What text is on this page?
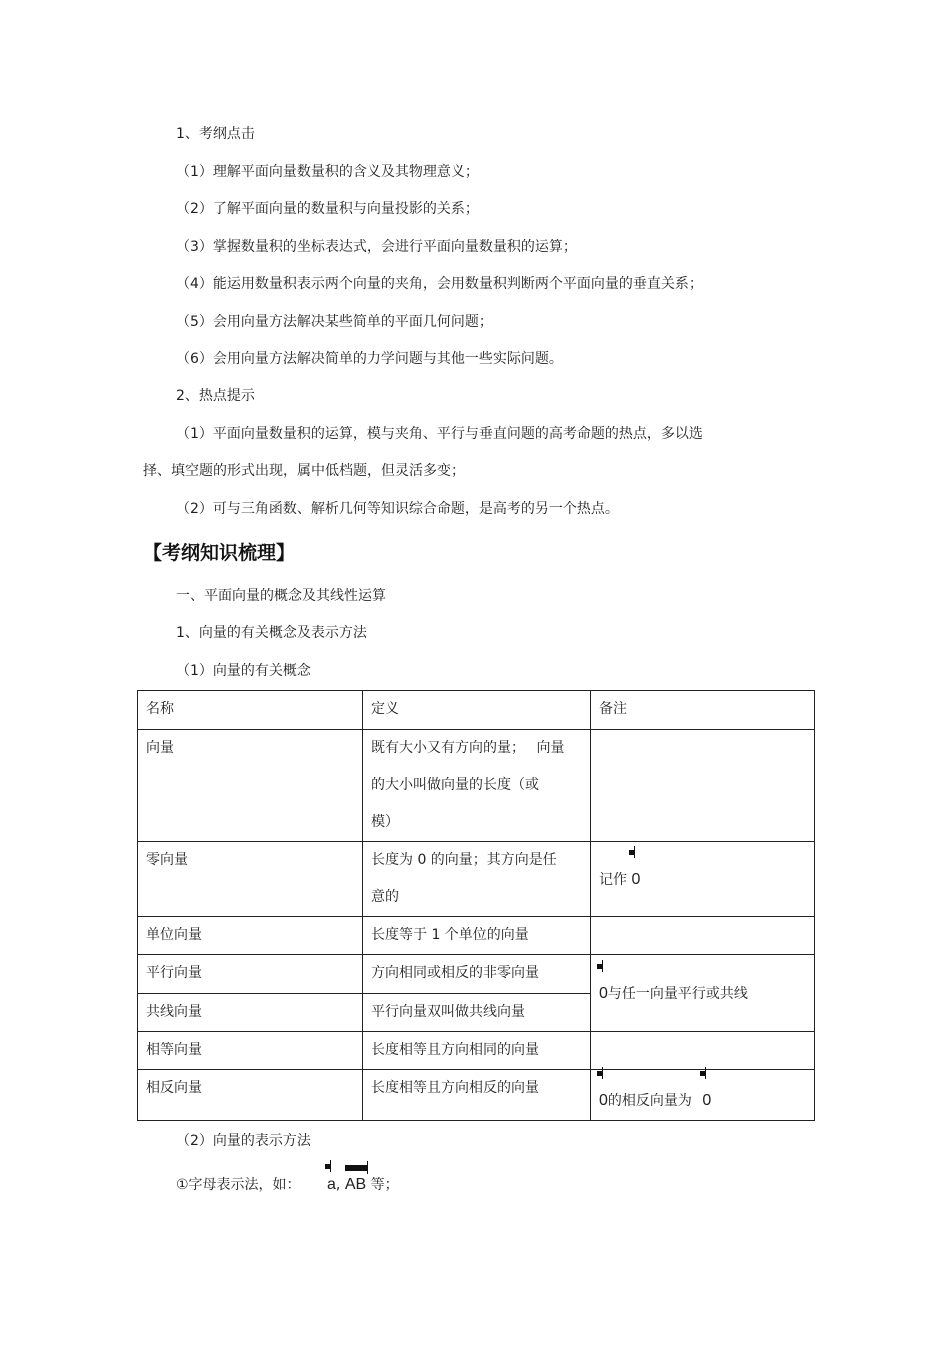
1、考纲点击
（1）理解平面向量数量积的含义及其物理意义；
（2）了解平面向量的数量积与向量投影的关系；
（3）掌握数量积的坐标表达式，会进行平面向量数量积的运算；
（4）能运用数量积表示两个向量的夹角，会用数量积判断两个平面向量的垂直关系；
（5）会用向量方法解决某些简单的平面几何问题；
（6）会用向量方法解决简单的力学问题与其他一些实际问题。
2、热点提示
（1）平面向量数量积的运算，模与夹角、平行与垂直问题的高考命题的热点，多以选
择、填空题的形式出现，属中低档题，但灵活多变；
（2）可与三角函数、解析几何等知识综合命题，是高考的另一个热点。
【考纲知识梳理】
一、平面向量的概念及其线性运算
1、向量的有关概念及表示方法
（1）向量的有关概念
名称	定义	备注

向量	既有大小又有方向的量；　 向量
的大小叫做向量的长度（或
模）	

零向量	长度为 0 的向量；其方向是任
意的	记作
0

单位向量	长度等于 1 个单位的向量	

平行向量	方向相同或相反的非零向量	0与任一向量平行或共线

共线向量	平行向量双叫做共线向量	

相等向量	长度相等且方向相同的向量	

相反向量	长度相等且方向相反的向量	0的相反向量为
0
（2）向量的表示方法
①字母表示法，如： a,
AB 等；
